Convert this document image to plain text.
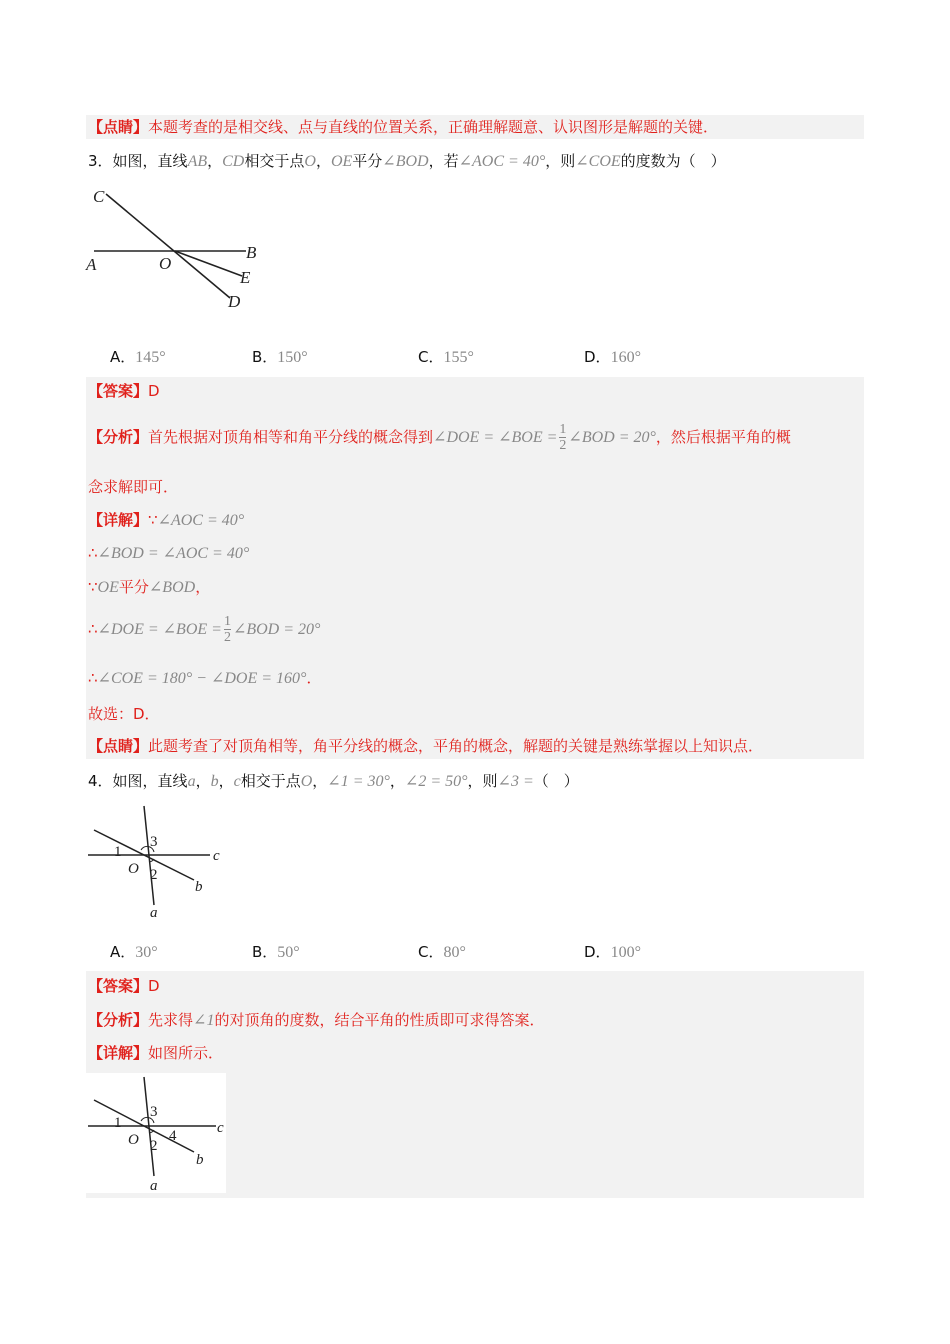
【点睛】本题考查的是相交线、点与直线的位置关系，正确理解题意、认识图形是解题的关键．
3．如图，直线AB，CD相交于点O，OE平分∠BOD，若∠AOC = 40°，则∠COE的度数为（　）
C
B
A	O
E
D
A．145°	B．150°	C．155°	D．160°
【答案】D
【分析】首先根据对顶角相等和角平分线的概念得到∠DOE = ∠BOE = $\frac{1}{2}$ ∠BOD = 20°，然后根据平角的概
念求解即可．
【详解】∵∠AOC = 40°
∴∠BOD = ∠AOC = 40°
∵OE平分∠BOD，
∴∠DOE = ∠BOE = $\frac{1}{2}$ ∠BOD = 20°
∴∠COE = 180° − ∠DOE = 160°．
故选：D．
【点睛】此题考查了对顶角相等，角平分线的概念，平角的概念，解题的关键是熟练掌握以上知识点．
4．如图，直线a，b，c相交于点O，∠1 = 30°，∠2 = 50°，则∠3 =（　）
1
3
O 2
c
b
a
A．30°	B．50°	C．80°	D．100°
【答案】D
【分析】先求得∠1的对顶角的度数，结合平角的性质即可求得答案．
【详解】如图所示．
1
3
4
O 2
c
b
a
